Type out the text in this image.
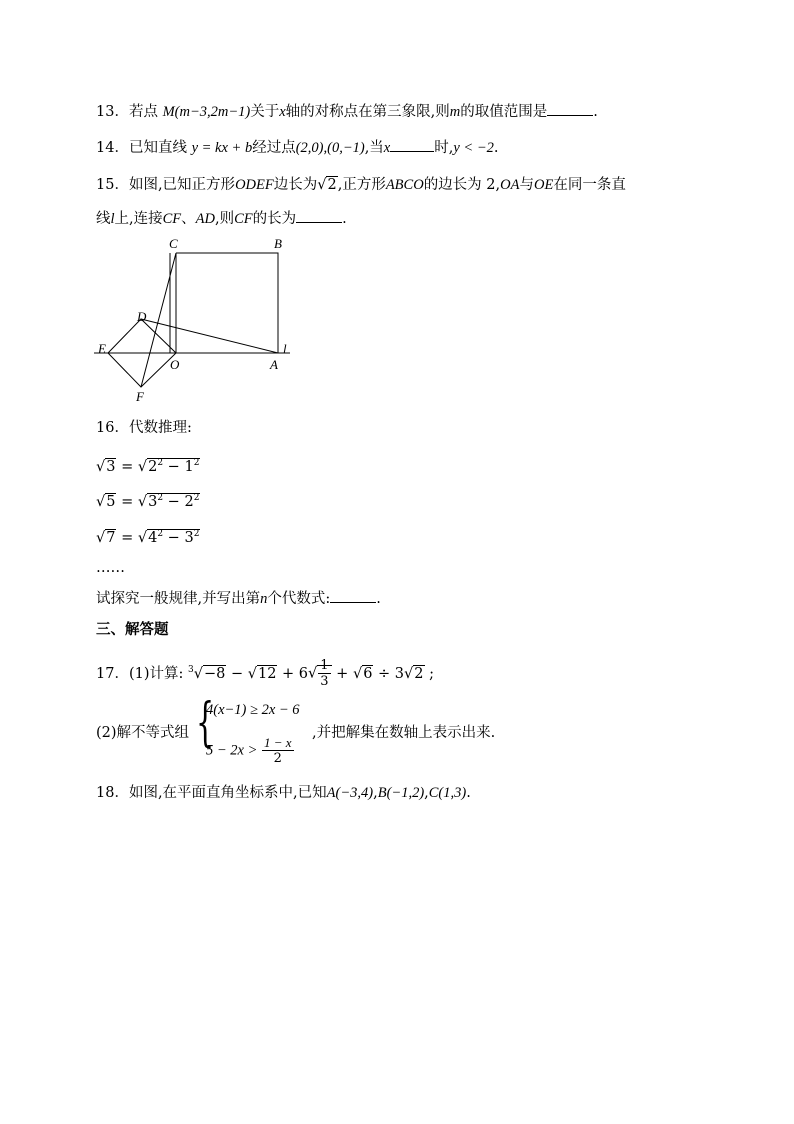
13．若点 M(m−3,2m−1)关于x轴的对称点在第三象限,则m的取值范围是	.
14．已知直线 y = kx + b经过点(2,0),(0,−1),当x	时,y < −2.
15．如图,已知正方形ODEF边长为√2,正方形ABCO的边长为 2,OA与OE在同一条直
线l上,连接CF、AD,则CF的长为	.
C	B
D
E
O	A
l
F
16．代数推理:
$√3 = √2^2 - 1^2$
$√5 = √3^2 - 2^2$
$√7 = √4^2 - 3^2$
……
试探究一般规律,并写出第n个代数式:	.
三、解答题
17．(1)计算: $^3√-8 - √12 + 6√ \frac{1}{3} + √6 \div 3√2$ ;
(2)解不等式组 {
4(x−1) ≥ 2x − 6
$5 - 2x > \frac{1 - x}{2}$
,并把解集在数轴上表示出来.
18．如图,在平面直角坐标系中,已知A(−3,4),B(−1,2),C(1,3).
